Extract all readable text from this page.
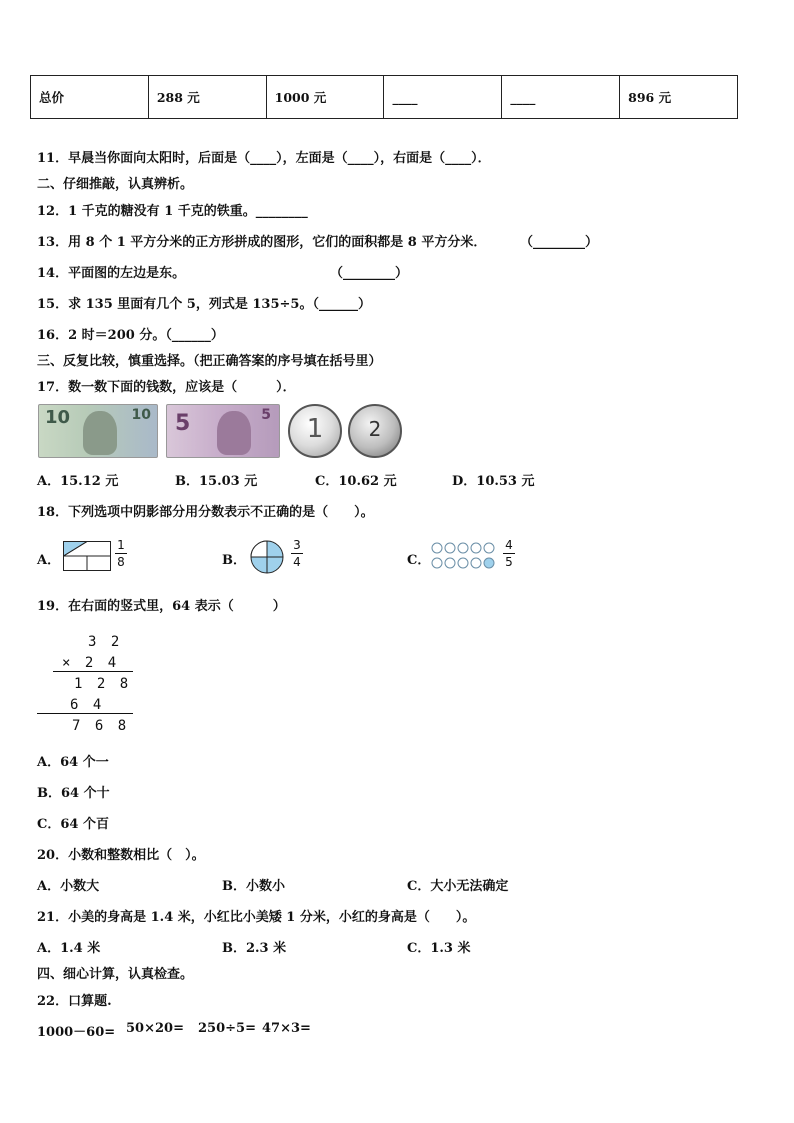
总价	288 元	1000 元	____	____	896 元
11．早晨当你面向太阳时，后面是（____），左面是（____），右面是（____）．
二、仔细推敲，认真辨析。
12．1 千克的糖没有 1 千克的铁重。________
13．用 8 个 1 平方分米的正方形拼成的图形，它们的面积都是 8 平方分米．	（________）
14．平面图的左边是东。	（________）
15．求 135 里面有几个 5，列式是 135÷5。（______）
16．2 时＝200 分。（______）
三、反复比较，慎重选择。（把正确答案的序号填在括号里）
17．数一数下面的钱数，应该是（　　　）．
10	10 5	5	1	2
A．15.12 元	B．15.03 元	C．10.62 元	D．10.53 元
18．下列选项中阴影部分用分数表示不正确的是（　　）。
A．
1
8	B．
3
4	C．
4
5
19．在右面的竖式里，64 表示（　　　）
3 2
× 2 4
1 2 8
6 4
7 6 8
A．64 个一
B．64 个十
C．64 个百
20．小数和整数相比（　）。
A．小数大	B．小数小	C．大小无法确定
21．小美的身高是 1.4 米，小红比小美矮 1 分米，小红的身高是（　　）。
A．1.4 米	B．2.3 米	C．1.3 米
四、细心计算，认真检查。
22．口算题.
1000－60= 50×20= 250÷5= 47×3=
